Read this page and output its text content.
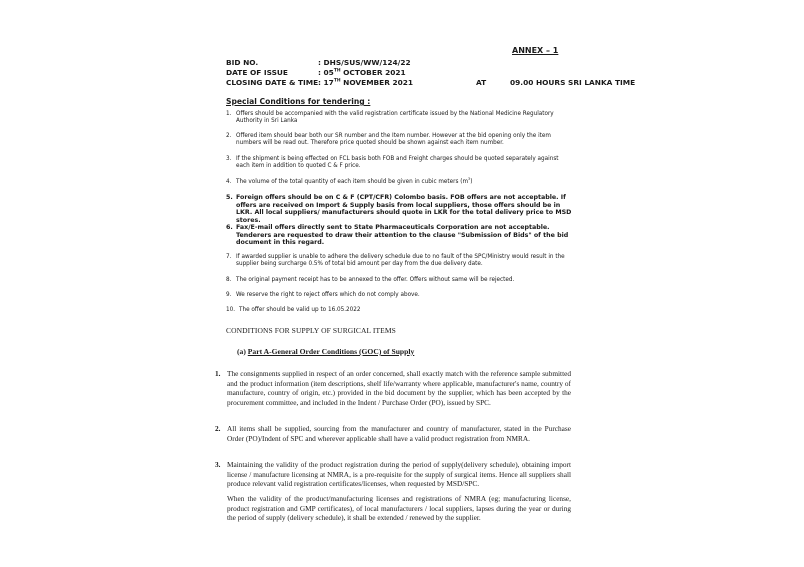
ANNEX – 1
BID NO.	: DHS/SUS/WW/124/22
DATE OF ISSUE	: 05TH OCTOBER 2021
CLOSING DATE & TIME : 17TH NOVEMBER 2021	AT	09.00 HOURS SRI LANKA TIME
Special Conditions for tendering :
1. Offers should be accompanied with the valid registration certificate issued by the National Medicine Regulatory Authority in Sri Lanka
2. Offered item should bear both our SR number and the Item number. However at the bid opening only the item numbers will be read out. Therefore price quoted should be shown against each item number.
3. If the shipment is being effected on FCL basis both FOB and Freight charges should be quoted separately against each item in addition to quoted C & F price.
4. The volume of the total quantity of each item should be given in cubic meters $(m^3)$
5. Foreign offers should be on C & F (CPT/CFR) Colombo basis. FOB offers are not acceptable. If offers are received on Import & Supply basis from local suppliers, those offers should be in LKR. All local suppliers/ manufacturers should quote in LKR for the total delivery price to MSD stores.
6. Fax/E-mail offers directly sent to State Pharmaceuticals Corporation are not acceptable. Tenderers are requested to draw their attention to the clause "Submission of Bids" of the bid document in this regard.
7. If awarded supplier is unable to adhere the delivery schedule due to no fault of the SPC/Ministry would result in the supplier being surcharge 0.5% of total bid amount per day from the due delivery date.
8. The original payment receipt has to be annexed to the offer. Offers without same will be rejected.
9. We reserve the right to reject offers which do not comply above.
10. The offer should be valid up to 16.05.2022
CONDITIONS FOR SUPPLY OF SURGICAL ITEMS
(a) Part A-General Order Conditions (GOC) of Supply
1. The consignments supplied in respect of an order concerned, shall exactly match with the reference sample submitted and the product information (item descriptions, shelf life/warranty where applicable, manufacturer's name, country of manufacture, country of origin, etc.) provided in the bid document by the supplier, which has been accepted by the procurement committee, and included in the Indent / Purchase Order (PO), issued by SPC.
2. All items shall be supplied, sourcing from the manufacturer and country of manufacturer, stated in the Purchase Order (PO)/Indent of SPC and wherever applicable shall have a valid product registration from NMRA.
3. Maintaining the validity of the product registration during the period of supply(delivery schedule), obtaining import license / manufacture licensing at NMRA, is a pre-requisite for the supply of surgical items. Hence all suppliers shall produce relevant valid registration certificates/licenses, when requested by MSD/SPC.
When the validity of the product/manufacturing licenses and registrations of NMRA (eg; manufacturing license, product registration and GMP certificates), of local manufacturers / local suppliers, lapses during the year or during the period of supply (delivery schedule), it shall be extended / renewed by the supplier.
